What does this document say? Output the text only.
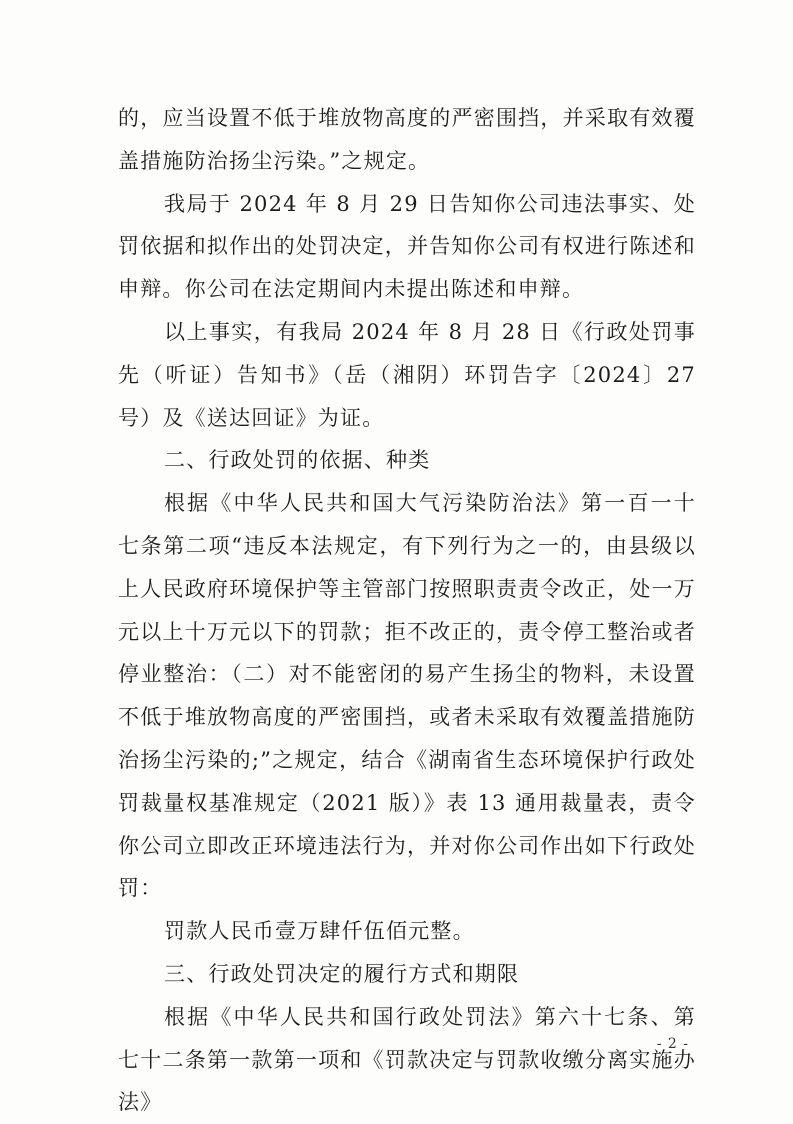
的，应当设置不低于堆放物高度的严密围挡，并采取有效覆盖措施防治扬尘污染。”之规定。

我局于 2024 年 8 月 29 日告知你公司违法事实、处罚依据和拟作出的处罚决定，并告知你公司有权进行陈述和申辩。你公司在法定期间内未提出陈述和申辩。

以上事实，有我局 2024 年 8 月 28 日《行政处罚事先（听证）告知书》（岳（湘阴）环罚告字〔2024〕27 号）及《送达回证》为证。

二、行政处罚的依据、种类

根据《中华人民共和国大气污染防治法》第一百一十七条第二项“违反本法规定，有下列行为之一的，由县级以上人民政府环境保护等主管部门按照职责责令改正，处一万元以上十万元以下的罚款；拒不改正的，责令停工整治或者停业整治：（二）对不能密闭的易产生扬尘的物料，未设置不低于堆放物高度的严密围挡，或者未采取有效覆盖措施防治扬尘污染的;”之规定，结合《湖南省生态环境保护行政处罚裁量权基准规定（2021 版）》表 13 通用裁量表，责令你公司立即改正环境违法行为，并对你公司作出如下行政处罚：

罚款人民币壹万肆仟伍佰元整。

三、行政处罚决定的履行方式和期限

根据《中华人民共和国行政处罚法》第六十七条、第七十二条第一款第一项和《罚款决定与罚款收缴分离实施办法》

- 2 -
